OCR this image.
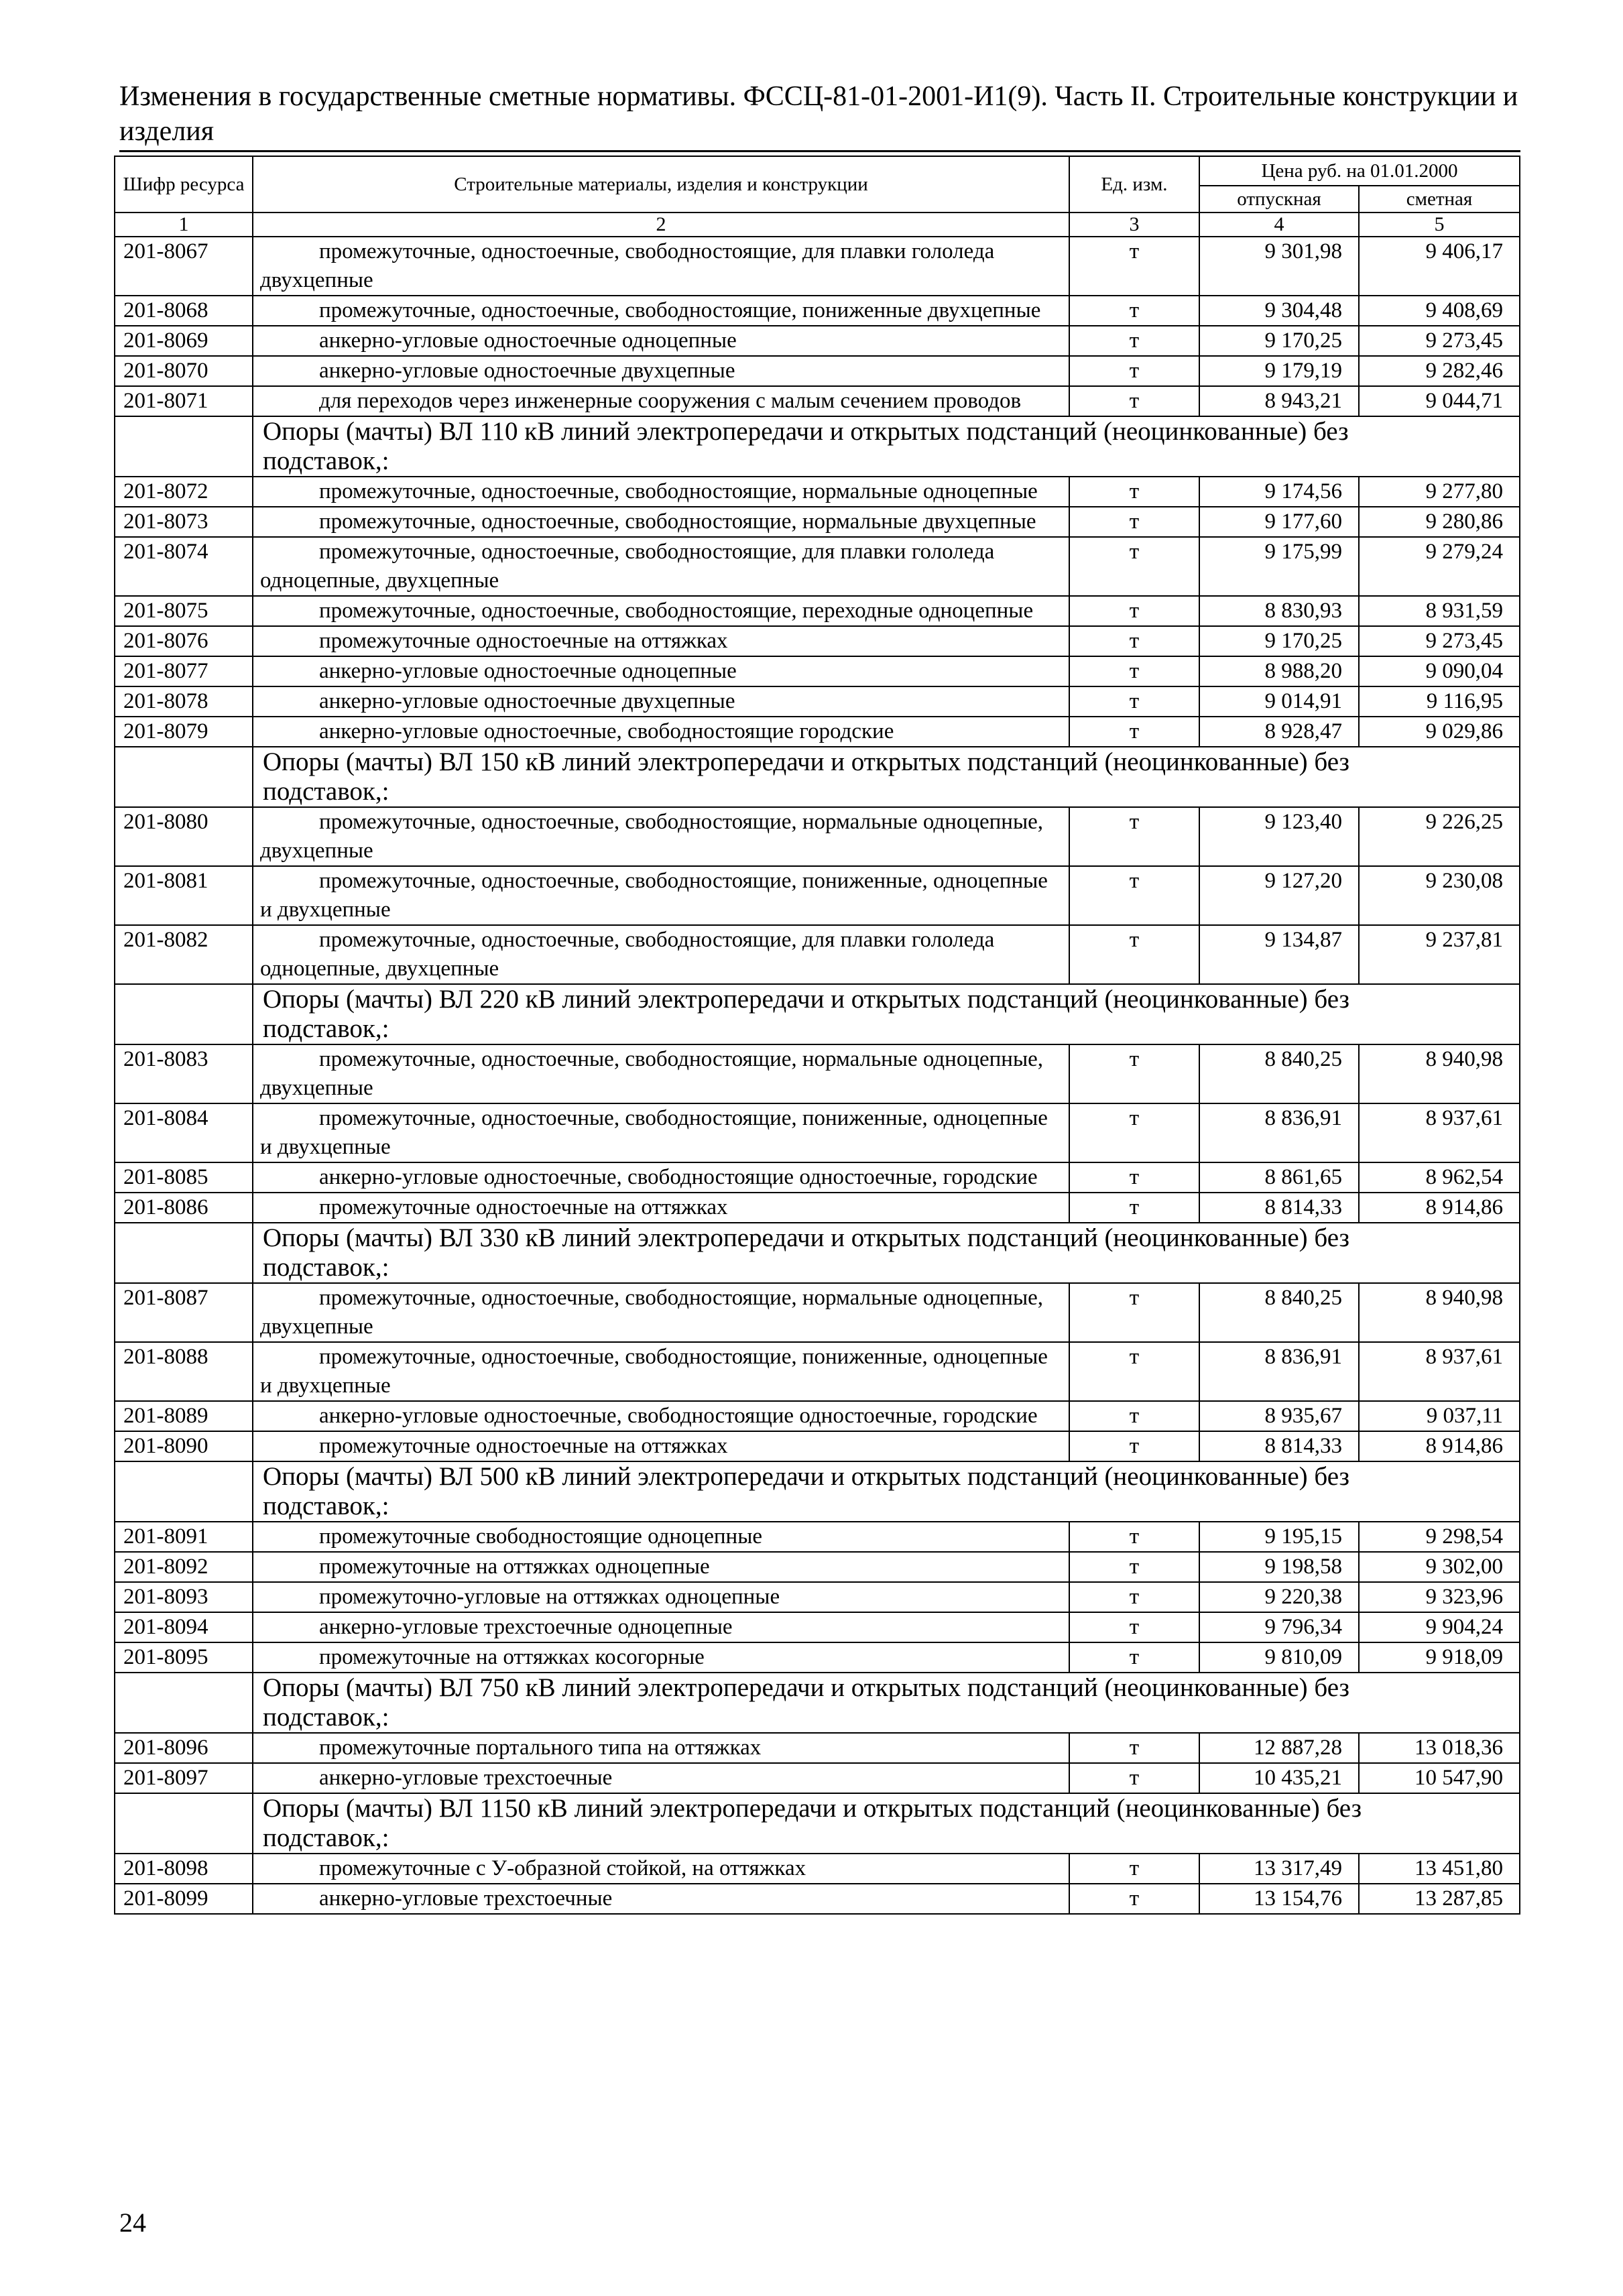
Изменения в государственные сметные нормативы. ФССЦ-81-01-2001-И1(9). Часть II. Строительные конструкции и изделия
Шифр ресурса	Строительные материалы, изделия и конструкции	Ед. изм.	Цена руб. на 01.01.2000	
			отпускная	сметная
1	2	3	4	5
201-8067	промежуточные, одностоечные, свободностоящие, для плавки гололеда двухцепные	т	9 301,98	9 406,17
201-8068	промежуточные, одностоечные, свободностоящие, пониженные двухцепные	т	9 304,48	9 408,69
201-8069	анкерно-угловые одностоечные одноцепные	т	9 170,25	9 273,45
201-8070	анкерно-угловые одностоечные двухцепные	т	9 179,19	9 282,46
201-8071	для переходов через инженерные сооружения с малым сечением проводов	т	8 943,21	9 044,71
	Опоры (мачты) ВЛ 110 кВ линий электропередачи и открытых подстанций (неоцинкованные) без подставок,:			
201-8072	промежуточные, одностоечные, свободностоящие, нормальные одноцепные	т	9 174,56	9 277,80
201-8073	промежуточные, одностоечные, свободностоящие, нормальные двухцепные	т	9 177,60	9 280,86
201-8074	промежуточные, одностоечные, свободностоящие, для плавки гололеда одноцепные, двухцепные	т	9 175,99	9 279,24
201-8075	промежуточные, одностоечные, свободностоящие, переходные одноцепные	т	8 830,93	8 931,59
201-8076	промежуточные одностоечные на оттяжках	т	9 170,25	9 273,45
201-8077	анкерно-угловые одностоечные одноцепные	т	8 988,20	9 090,04
201-8078	анкерно-угловые одностоечные двухцепные	т	9 014,91	9 116,95
201-8079	анкерно-угловые одностоечные, свободностоящие городские	т	8 928,47	9 029,86
	Опоры (мачты) ВЛ 150 кВ линий электропередачи и открытых подстанций (неоцинкованные) без подставок,:			
201-8080	промежуточные, одностоечные, свободностоящие, нормальные одноцепные, двухцепные	т	9 123,40	9 226,25
201-8081	промежуточные, одностоечные, свободностоящие, пониженные, одноцепные и двухцепные	т	9 127,20	9 230,08
201-8082	промежуточные, одностоечные, свободностоящие, для плавки гололеда одноцепные, двухцепные	т	9 134,87	9 237,81
	Опоры (мачты) ВЛ 220 кВ линий электропередачи и открытых подстанций (неоцинкованные) без подставок,:			
201-8083	промежуточные, одностоечные, свободностоящие, нормальные одноцепные, двухцепные	т	8 840,25	8 940,98
201-8084	промежуточные, одностоечные, свободностоящие, пониженные, одноцепные и двухцепные	т	8 836,91	8 937,61
201-8085	анкерно-угловые одностоечные, свободностоящие одностоечные, городские	т	8 861,65	8 962,54
201-8086	промежуточные одностоечные на оттяжках	т	8 814,33	8 914,86
	Опоры (мачты) ВЛ 330 кВ линий электропередачи и открытых подстанций (неоцинкованные) без подставок,:			
201-8087	промежуточные, одностоечные, свободностоящие, нормальные одноцепные, двухцепные	т	8 840,25	8 940,98
201-8088	промежуточные, одностоечные, свободностоящие, пониженные, одноцепные и двухцепные	т	8 836,91	8 937,61
201-8089	анкерно-угловые одностоечные, свободностоящие одностоечные, городские	т	8 935,67	9 037,11
201-8090	промежуточные одностоечные на оттяжках	т	8 814,33	8 914,86
	Опоры (мачты) ВЛ 500 кВ линий электропередачи и открытых подстанций (неоцинкованные) без подставок,:			
201-8091	промежуточные свободностоящие одноцепные	т	9 195,15	9 298,54
201-8092	промежуточные на оттяжках одноцепные	т	9 198,58	9 302,00
201-8093	промежуточно-угловые на оттяжках одноцепные	т	9 220,38	9 323,96
201-8094	анкерно-угловые трехстоечные одноцепные	т	9 796,34	9 904,24
201-8095	промежуточные на оттяжках косогорные	т	9 810,09	9 918,09
	Опоры (мачты) ВЛ 750 кВ линий электропередачи и открытых подстанций (неоцинкованные) без подставок,:			
201-8096	промежуточные портального типа на оттяжках	т	12 887,28	13 018,36
201-8097	анкерно-угловые трехстоечные	т	10 435,21	10 547,90
	Опоры (мачты) ВЛ 1150 кВ линий электропередачи и открытых подстанций (неоцинкованные) без подставок,:			
201-8098	промежуточные с У-образной стойкой, на оттяжках	т	13 317,49	13 451,80
201-8099	анкерно-угловые трехстоечные	т	13 154,76	13 287,85
24
